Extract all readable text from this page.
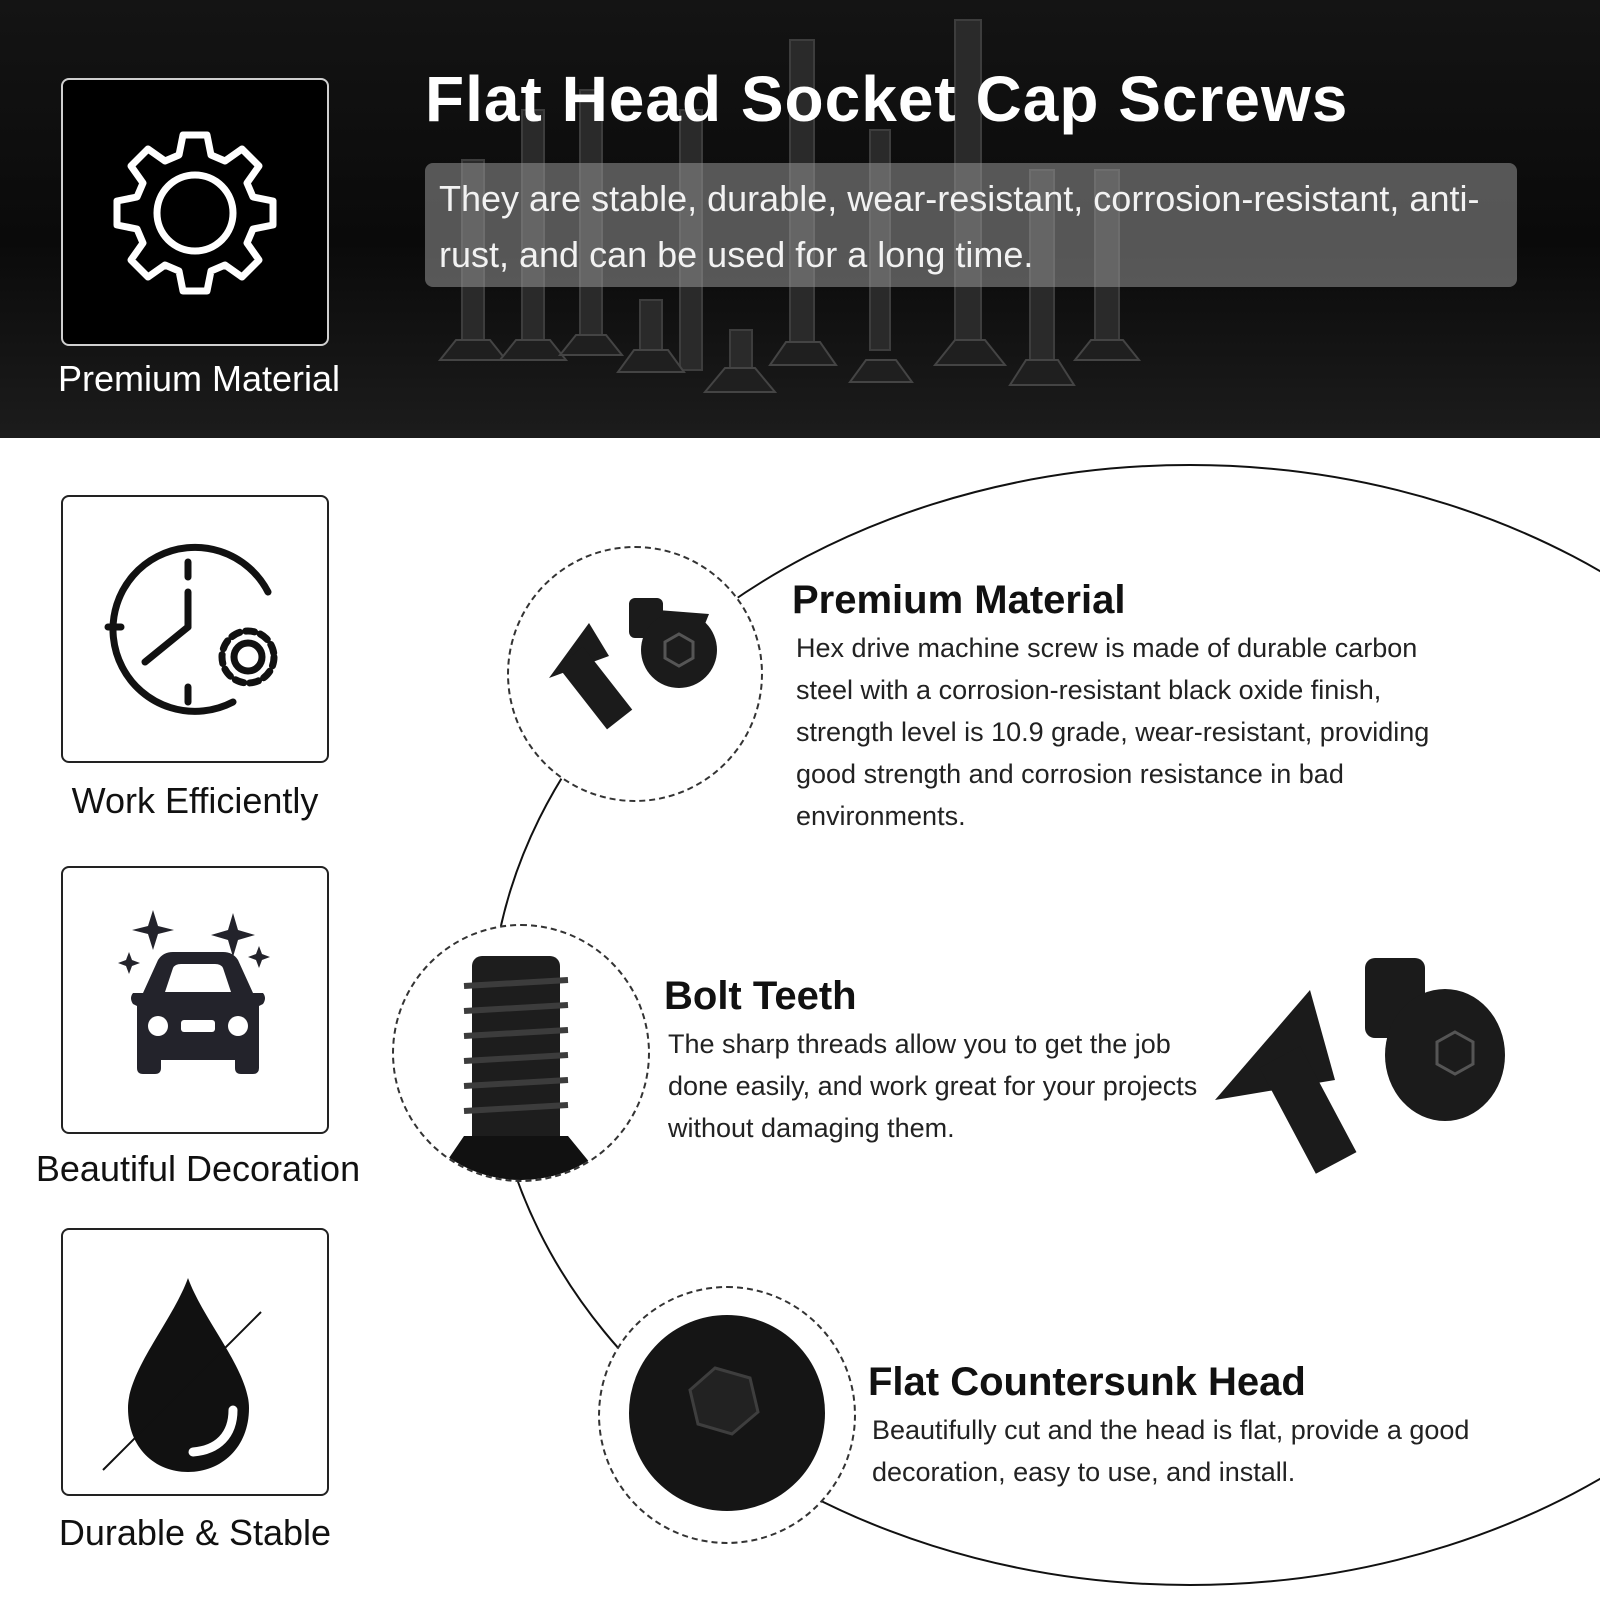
Premium Material
Flat Head Socket Cap Screws
They are stable, durable, wear-resistant, corrosion-resistant, anti-rust, and can be used for a long time.
Work Efficiently
Beautiful Decoration
Durable & Stable
Premium Material

Hex drive machine screw is made of durable carbon steel with a corrosion-resistant black oxide finish, strength level is 10.9 grade, wear-resistant, providing good strength and corrosion resistance in bad environments.

Bolt Teeth

The sharp threads allow you to get the job done easily, and work great for your projects without damaging them.

Flat Countersunk Head

Beautifully cut and the head is flat, provide a good decoration, easy to use, and install.
